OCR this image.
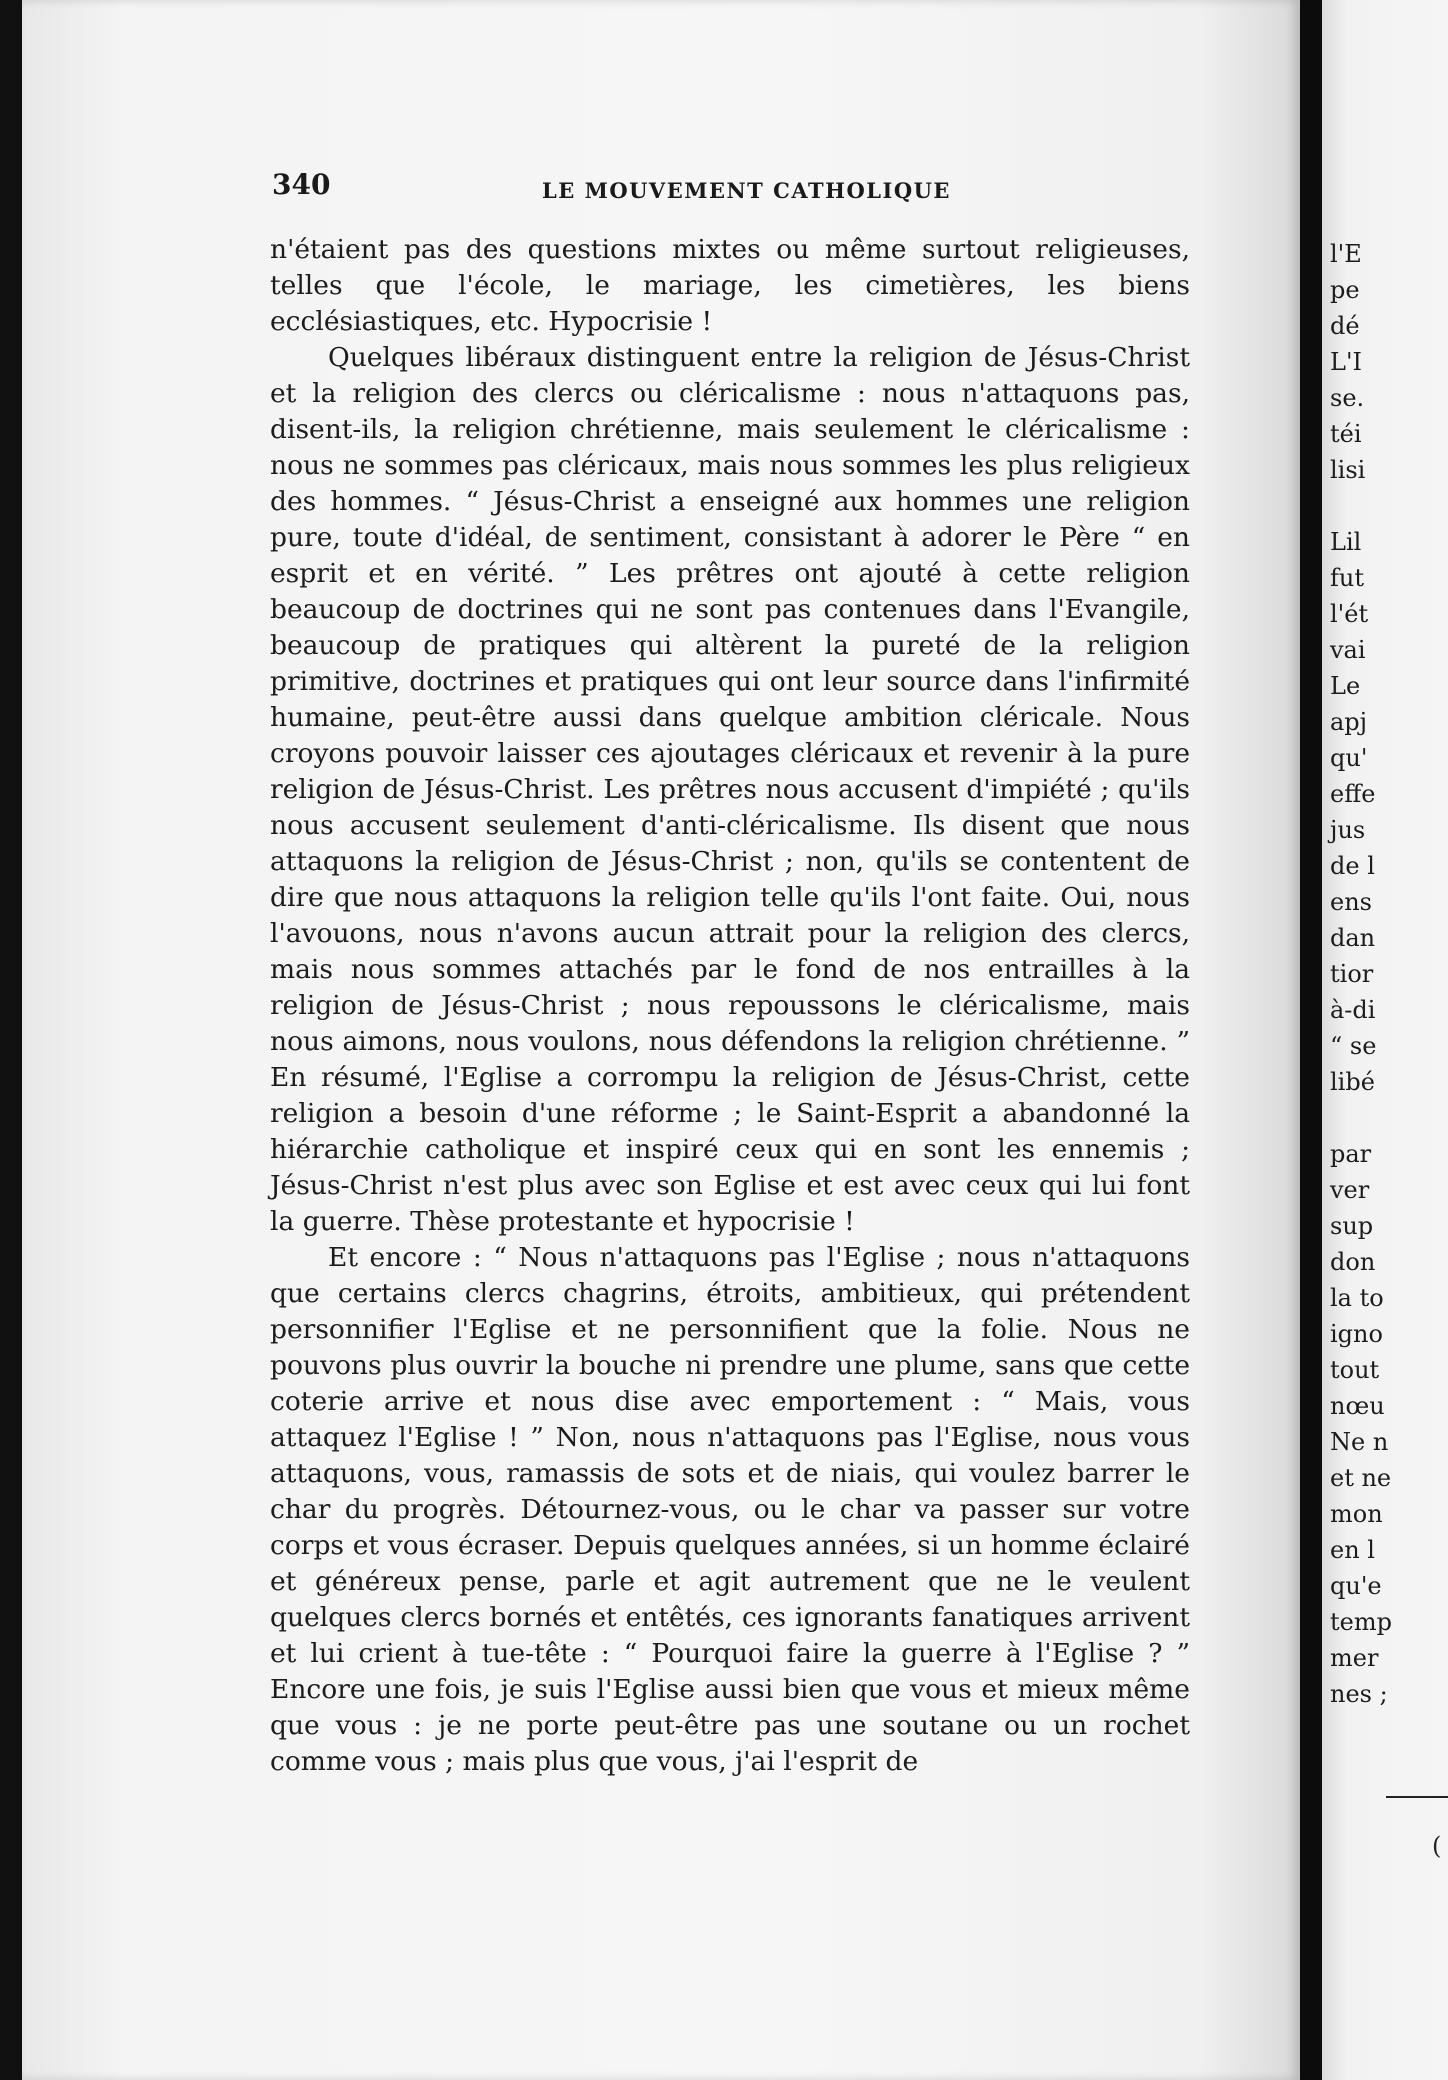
340	LE MOUVEMENT CATHOLIQUE

n'étaient pas des questions mixtes ou même surtout religieuses, telles que l'école, le mariage, les cimetières, les biens ecclésiastiques, etc. Hypocrisie !

Quelques libéraux distinguent entre la religion de Jésus-Christ et la religion des clercs ou cléricalisme : nous n'attaquons pas, disent-ils, la religion chrétienne, mais seulement le cléricalisme : nous ne sommes pas cléricaux, mais nous sommes les plus religieux des hommes. “ Jésus-Christ a enseigné aux hommes une religion pure, toute d'idéal, de sentiment, consistant à adorer le Père “ en esprit et en vérité. ” Les prêtres ont ajouté à cette religion beaucoup de doctrines qui ne sont pas contenues dans l'Evangile, beaucoup de pratiques qui altèrent la pureté de la religion primitive, doctrines et pratiques qui ont leur source dans l'infirmité humaine, peut-être aussi dans quelque ambition cléricale. Nous croyons pouvoir laisser ces ajoutages cléricaux et revenir à la pure religion de Jésus-Christ. Les prêtres nous accusent d'impiété ; qu'ils nous accusent seulement d'anti-cléricalisme. Ils disent que nous attaquons la religion de Jésus-Christ ; non, qu'ils se contentent de dire que nous attaquons la religion telle qu'ils l'ont faite. Oui, nous l'avouons, nous n'avons aucun attrait pour la religion des clercs, mais nous sommes attachés par le fond de nos entrailles à la religion de Jésus-Christ ; nous repoussons le cléricalisme, mais nous aimons, nous voulons, nous défendons la religion chrétienne. ” En résumé, l'Eglise a corrompu la religion de Jésus-Christ, cette religion a besoin d'une réforme ; le Saint-Esprit a abandonné la hiérarchie catholique et inspiré ceux qui en sont les ennemis ; Jésus-Christ n'est plus avec son Eglise et est avec ceux qui lui font la guerre. Thèse protestante et hypocrisie !

Et encore : “ Nous n'attaquons pas l'Eglise ; nous n'attaquons que certains clercs chagrins, étroits, ambitieux, qui prétendent personnifier l'Eglise et ne personnifient que la folie. Nous ne pouvons plus ouvrir la bouche ni prendre une plume, sans que cette coterie arrive et nous dise avec emportement : “ Mais, vous attaquez l'Eglise ! ” Non, nous n'attaquons pas l'Eglise, nous vous attaquons, vous, ramassis de sots et de niais, qui voulez barrer le char du progrès. Détournez-vous, ou le char va passer sur votre corps et vous écraser. Depuis quelques années, si un homme éclairé et généreux pense, parle et agit autrement que ne le veulent quelques clercs bornés et entêtés, ces ignorants fanatiques arrivent et lui crient à tue-tête : “ Pourquoi faire la guerre à l'Eglise ? ” Encore une fois, je suis l'Eglise aussi bien que vous et mieux même que vous : je ne porte peut-être pas une soutane ou un rochet comme vous ; mais plus que vous, j'ai l'esprit de

l'E
pe
dé
L'I
se.
téi
lisi
Lil
fut
l'ét
vai
Le
apj
qu'
effe
jus
de l
ens
dan
tior
à-di
“ se
libé
par
ver
sup
don
la to
igno
tout
nœu
Ne n
et ne
mon
en l
qu'e
temp
mer
nes ;
(
